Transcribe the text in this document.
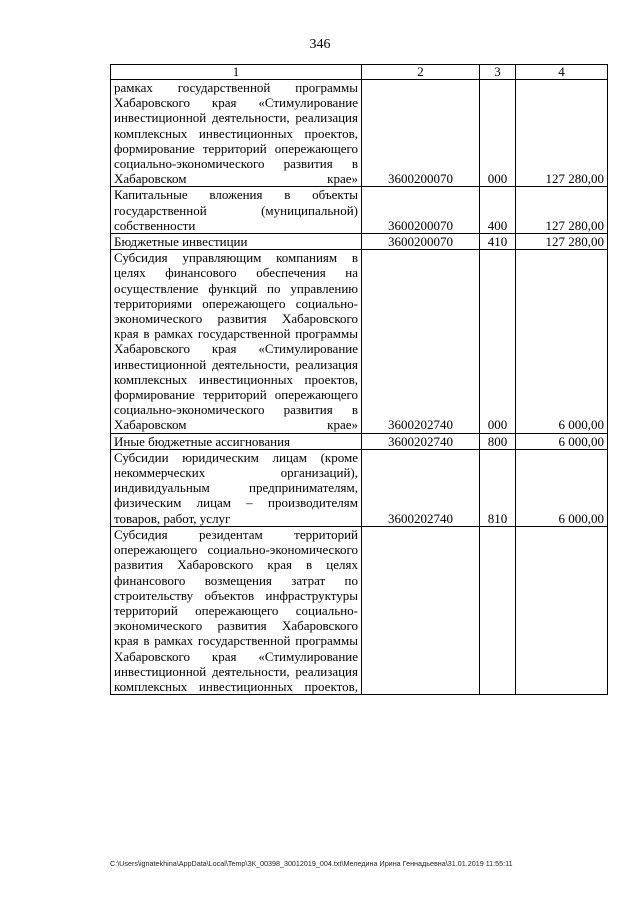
346
1	2	3	4

рамках государственной программы Хабаровского края «Стимулирование инвестиционной деятельности, реализация комплексных инвестиционных проектов, формирование территорий опережающего социально-экономического развития в Хабаровском крае»	3600200070	000	127 280,00

Капитальные вложения в объекты государственной (муниципальной) собственности	3600200070	400	127 280,00

Бюджетные инвестиции	3600200070	410	127 280,00

Субсидия управляющим компаниям в целях финансового обеспечения на осуществление функций по управлению территориями опережающего социально-экономического развития Хабаровского края в рамках государственной программы Хабаровского края «Стимулирование инвестиционной деятельности, реализация комплексных инвестиционных проектов, формирование территорий опережающего социально-экономического развития в Хабаровском крае»	3600202740	000	6 000,00

Иные бюджетные ассигнования	3600202740	800	6 000,00

Субсидии юридическим лицам (кроме некоммерческих организаций), индивидуальным предпринимателям, физическим лицам – производителям товаров, работ, услуг	3600202740	810	6 000,00

Субсидия резидентам территорий опережающего социально-экономического развития Хабаровского края в целях финансового возмещения затрат по строительству объектов инфраструктуры территорий опережающего социально-экономического развития Хабаровского края в рамках государственной программы Хабаровского края «Стимулирование инвестиционной деятельности, реализация комплексных инвестиционных проектов,			

C:\Users\ignatekhina\AppData\Local\Temp\ЗК_00398_30012019_004.txt\Меледина Ирина Геннадьевна\31.01.2019 11:55:11
